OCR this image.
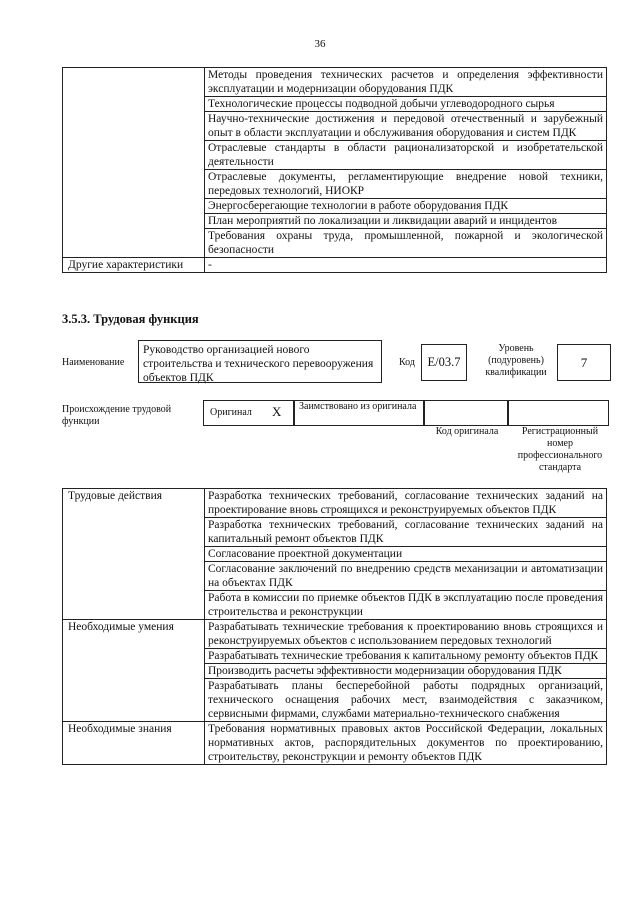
36
	Методы проведения технических расчетов и определения эффективности эксплуатации и модернизации оборудования ПДК
	Технологические процессы подводной добычи углеводородного сырья
	Научно-технические достижения и передовой отечественный и зарубежный опыт в области эксплуатации и обслуживания оборудования и систем ПДК
	Отраслевые стандарты в области рационализаторской и изобретательской деятельности
	Отраслевые документы, регламентирующие внедрение новой техники, передовых технологий, НИОКР
	Энергосберегающие технологии в работе оборудования ПДК
	План мероприятий по локализации и ликвидации аварий и инцидентов
	Требования охраны труда, промышленной, пожарной и экологической безопасности
Другие характеристики	-
3.5.3. Трудовая функция
Наименование
Руководство организацией нового строительства и технического перевооружения объектов ПДК
Код	E/03.7
Уровень (подуровень) квалификации
7
Происхождение трудовой функции
Оригинал X Заимствовано из оригинала
Код оригинала	Регистрационный номер профессионального стандарта
Трудовые действия	Разработка технических требований, согласование технических заданий на проектирование вновь строящихся и реконструируемых объектов ПДК
	Разработка технических требований, согласование технических заданий на капитальный ремонт объектов ПДК
	Согласование проектной документации
	Согласование заключений по внедрению средств механизации и автоматизации на объектах ПДК
	Работа в комиссии по приемке объектов ПДК в эксплуатацию после проведения строительства и реконструкции
Необходимые умения	Разрабатывать технические требования к проектированию вновь строящихся и реконструируемых объектов с использованием передовых технологий
	Разрабатывать технические требования к капитальному ремонту объектов ПДК
	Производить расчеты эффективности модернизации оборудования ПДК
	Разрабатывать планы бесперебойной работы подрядных организаций, технического оснащения рабочих мест, взаимодействия с заказчиком, сервисными фирмами, службами материально-технического снабжения
Необходимые знания	Требования нормативных правовых актов Российской Федерации, локальных нормативных актов, распорядительных документов по проектированию, строительству, реконструкции и ремонту объектов ПДК
